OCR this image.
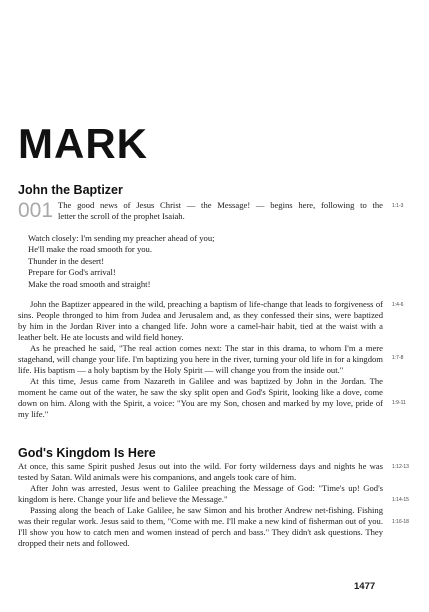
MARK
John the Baptizer
001 The good news of Jesus Christ — the Message! — begins here, following to the
letter the scroll of the prophet Isaiah.
Watch closely: I'm sending my preacher ahead of you;
He'll make the road smooth for you.
Thunder in the desert!
Prepare for God's arrival!
Make the road smooth and straight!

John the Baptizer appeared in the wild, preaching a baptism of life-change that leads to forgiveness of sins. People thronged to him from Judea and Jerusalem and, as they confessed their sins, were baptized by him in the Jordan River into a changed life. John wore a camel-hair habit, tied at the waist with a leather belt. He ate locusts and wild field honey.

As he preached he said, "The real action comes next: The star in this drama, to whom I'm a mere stagehand, will change your life. I'm baptizing you here in the river, turning your old life in for a kingdom life. His baptism — a holy baptism by the Holy Spirit — will change you from the inside out."

At this time, Jesus came from Nazareth in Galilee and was baptized by John in the Jordan. The moment he came out of the water, he saw the sky split open and God's Spirit, looking like a dove, come down on him. Along with the Spirit, a voice: "You are my Son, chosen and marked by my love, pride of my life."

God's Kingdom Is Here

At once, this same Spirit pushed Jesus out into the wild. For forty wilderness days and nights he was tested by Satan. Wild animals were his companions, and angels took care of him.

After John was arrested, Jesus went to Galilee preaching the Message of God: "Time's up! God's kingdom is here. Change your life and believe the Message."

Passing along the beach of Lake Galilee, he saw Simon and his brother Andrew net-fishing. Fishing was their regular work. Jesus said to them, "Come with me. I'll make a new kind of fisherman out of you. I'll show you how to catch men and women instead of perch and bass." They didn't ask questions. They dropped their nets and followed.

1:1-3
1:4-6
1:7-8
1:9-11
1:12-13
1:14-15
1:16-18
1477
